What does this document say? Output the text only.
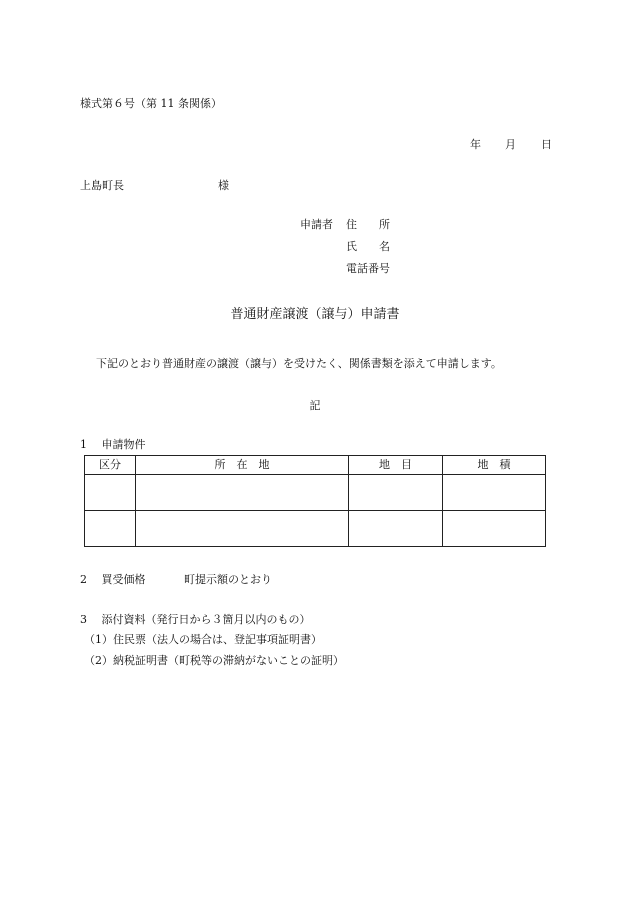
様式第６号（第 11 条関係）
年 月 日
上島町長	様
申請者 住　　所
氏　　名
電話番号
普通財産譲渡（譲与）申請書
下記のとおり普通財産の譲渡（譲与）を受けたく、関係書類を添えて申請します。
記
1　 申請物件
区分	所　在　地	地　目	地　積

2　 買受価格	町提示額のとおり
3　 添付資料（発行日から３箇月以内のもの）
（1）住民票（法人の場合は、登記事項証明書）
（2）納税証明書（町税等の滞納がないことの証明）
